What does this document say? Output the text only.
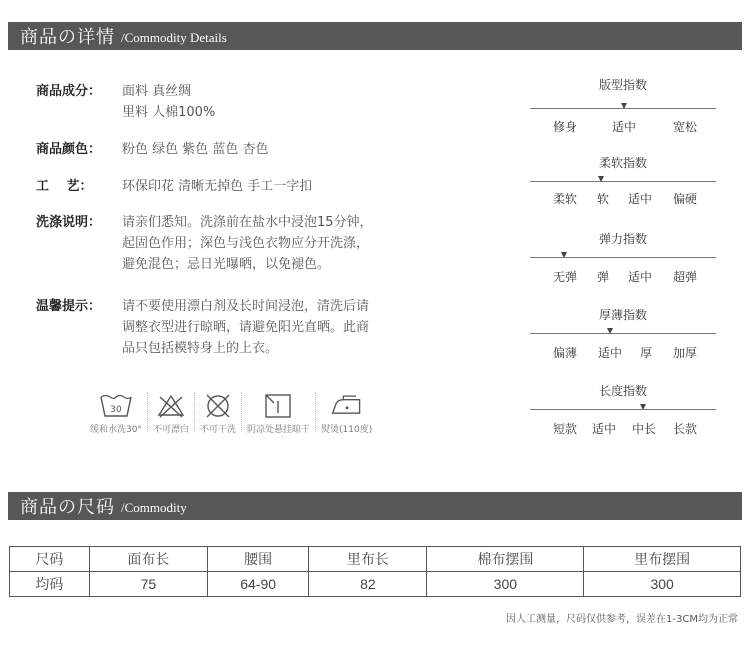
商品の详情 /Commodity Details
商品成分：	面料 真丝绸
里料 人棉100%
商品颜色：	粉色 绿色 紫色 蓝色 杏色
工　 艺：	环保印花 清晰无掉色 手工一字扣
洗涤说明：	请亲们悉知。洗涤前在盐水中浸泡15分钟，
起固色作用；深色与浅色衣物应分开洗涤，
避免混色；忌日光曝晒，以免褪色。
温馨提示：	请不要使用漂白剂及长时间浸泡，清洗后请
调整衣型进行晾晒，请避免阳光直晒。此商
品只包括模特身上的上衣。
30
缓和水洗30° 不可漂白 不可干洗 阴凉处悬挂晾干 熨烫(110度)
版型指数
修身	适中	宽松
柔软指数
柔软 软 适中 偏硬
弹力指数
无弹 弹 适中 超弹
厚薄指数
偏薄 适中 厚 加厚
长度指数
短款 适中 中长 长款
商品の尺码 /Commodity
尺码	面布长	腰围	里布长	棉布摆围	里布摆围
均码	75	64-90	82	300	300
因人工测量，尺码仅供参考，误差在1-3CM均为正常
